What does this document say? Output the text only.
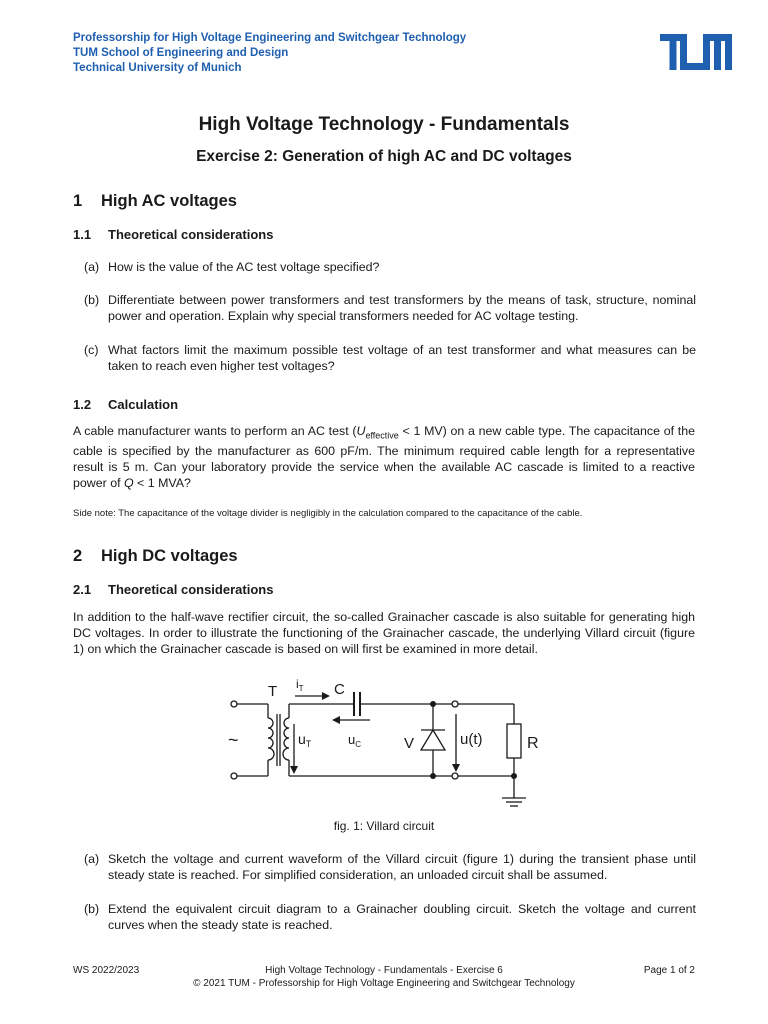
Professorship for High Voltage Engineering and Switchgear Technology
TUM School of Engineering and Design
Technical University of Munich
High Voltage Technology - Fundamentals
Exercise 2: Generation of high AC and DC voltages
1 High AC voltages
1.1 Theoretical considerations
(a) How is the value of the AC test voltage specified?
(b) Differentiate between power transformers and test transformers by the means of task, structure, nominal power and operation. Explain why special transformers needed for AC voltage testing.
(c) What factors limit the maximum possible test voltage of an test transformer and what measures can be taken to reach even higher test voltages?
1.2 Calculation
A cable manufacturer wants to perform an AC test ($U_{effective} < 1$ MV) on a new cable type. The capacitance of the cable is specified by the manufacturer as 600 pF/m. The minimum required cable length for a representative result is 5 m. Can your laboratory provide the service when the available AC cascade is limited to a reactive power of Q < 1 MVA?
Side note: The capacitance of the voltage divider is negligibly in the calculation compared to the capacitance of the cable.
2 High DC voltages
2.1 Theoretical considerations
In addition to the half-wave rectifier circuit, the so-called Grainacher cascade is also suitable for generating high DC voltages. In order to illustrate the functioning of the Grainacher cascade, the underlying Villard circuit (figure 1) on which the Grainacher cascade is based on will first be examined in more detail.
T $i_T$ C
$u_T$	$u_C$	V	u(t)	R
~
fig. 1: Villard circuit
(a) Sketch the voltage and current waveform of the Villard circuit (figure 1) during the transient phase until steady state is reached. For simplified consideration, an unloaded circuit shall be assumed.
(b) Extend the equivalent circuit diagram to a Grainacher doubling circuit. Sketch the voltage and current curves when the steady state is reached.
WS 2022/2023	High Voltage Technology - Fundamentals - Exercise 6	Page 1 of 2
© 2021 TUM - Professorship for High Voltage Engineering and Switchgear Technology
